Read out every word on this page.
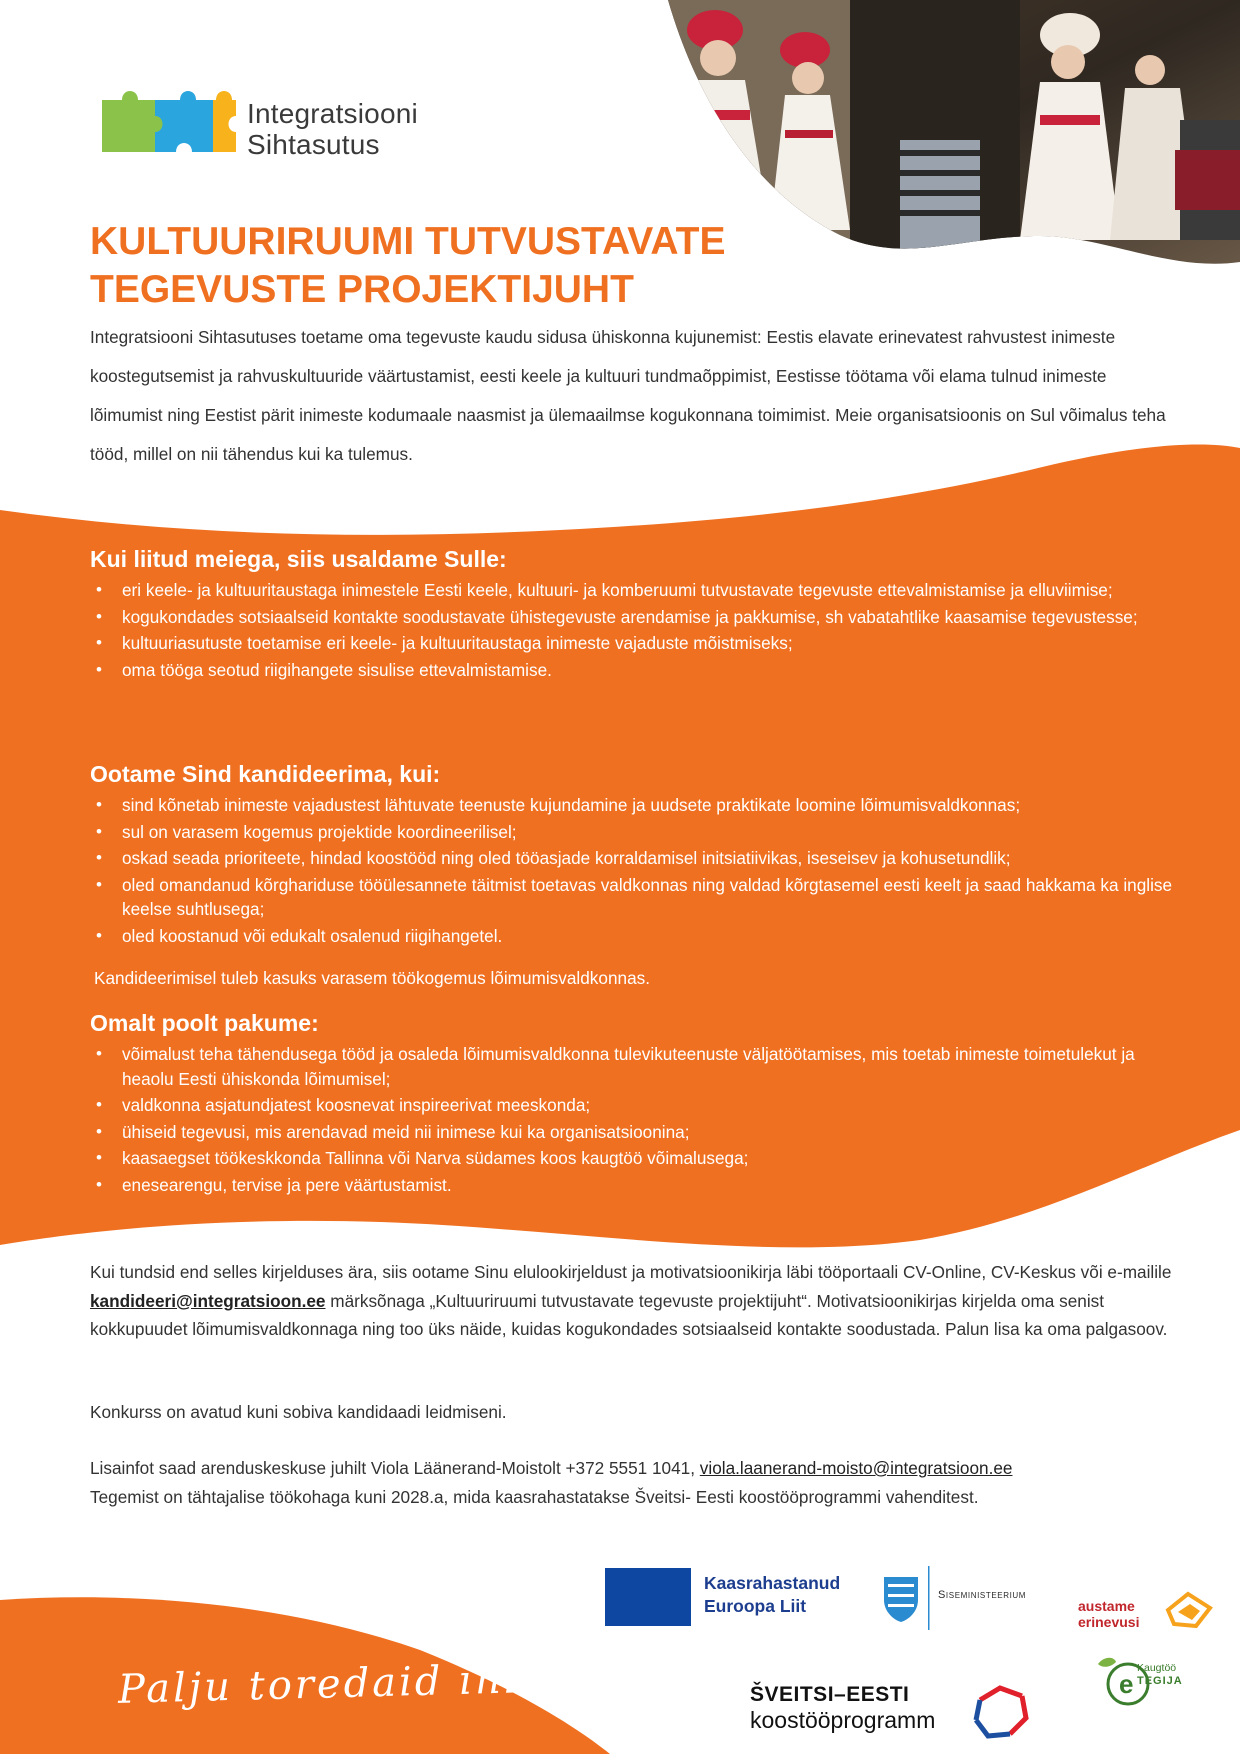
e
Integratsiooni
Sihtasutus
KULTUURIRUUMI TUTVUSTAVATE
TEGEVUSTE PROJEKTIJUHT

Integratsiooni Sihtasutuses toetame oma tegevuste kaudu sidusa ühiskonna kujunemist: Eestis elavate erinevatest rahvustest inimeste koostegutsemist ja rahvuskultuuride väärtustamist, eesti keele ja kultuuri tundmaõppimist, Eestisse töötama või elama tulnud inimeste lõimumist ning Eestist pärit inimeste kodumaale naasmist ja ülemaailmse kogukonnana toimimist. Meie organisatsioonis on Sul võimalus teha tööd, millel on nii tähendus kui ka tulemus.

Kui liitud meiega, siis usaldame Sulle:
• eri keele- ja kultuuritaustaga inimestele Eesti keele, kultuuri- ja komberuumi tutvustavate tegevuste ettevalmistamise ja elluviimise;
• kogukondades sotsiaalseid kontakte soodustavate ühistegevuste arendamise ja pakkumise, sh vabatahtlike kaasamise tegevustesse;
• kultuuriasutuste toetamise eri keele- ja kultuuritaustaga inimeste vajaduste mõistmiseks;
• oma tööga seotud riigihangete sisulise ettevalmistamise.
Ootame Sind kandideerima, kui:
• sind kõnetab inimeste vajadustest lähtuvate teenuste kujundamine ja uudsete praktikate loomine lõimumisvaldkonnas;
• sul on varasem kogemus projektide koordineerilisel;
• oskad seada prioriteete, hindad koostööd ning oled tööasjade korraldamisel initsiatiivikas, iseseisev ja kohusetundlik;
• oled omandanud kõrghariduse tööülesannete täitmist toetavas valdkonnas ning valdad kõrgtasemel eesti keelt ja saad hakkama ka inglise keelse suhtlusega;
• oled koostanud või edukalt osalenud riigihangetel.
Kandideerimisel tuleb kasuks varasem töökogemus lõimumisvaldkonnas.
Omalt poolt pakume:
• võimalust teha tähendusega tööd ja osaleda lõimumisvaldkonna tulevikuteenuste väljatöötamises, mis toetab inimeste toimetulekut ja heaolu Eesti ühiskonda lõimumisel;
• valdkonna asjatundjatest koosnevat inspireerivat meeskonda;
• ühiseid tegevusi, mis arendavad meid nii inimese kui ka organisatsioonina;
• kaasaegset töökeskkonda Tallinna või Narva südames koos kaugtöö võimalusega;
• enesearengu, tervise ja pere väärtustamist.

Kui tundsid end selles kirjelduses ära, siis ootame Sinu elulookirjeldust ja motivatsioonikirja läbi tööportaali CV-Online, CV-Keskus või e-mailile kandideeri@integratsioon.ee märksõnaga „Kultuuriruumi tutvustavate tegevuste projektijuht“. Motivatsioonikirjas kirjelda oma senist kokkupuudet lõimumisvaldkonnaga ning too üks näide, kuidas kogukondades sotsiaalseid kontakte soodustada. Palun lisa ka oma palgasoov.

Konkurss on avatud kuni sobiva kandidaadi leidmiseni.

Lisainfot saad arenduskeskuse juhilt Viola Läänerand-Moistolt +372 5551 1041, viola.laanerand-moisto@integratsioon.ee
Tegemist on tähtajalise töökohaga kuni 2028.a, mida kaasrahastatakse Šveitsi- Eesti koostööprogrammi vahenditest.

Kaasrahastanud
Euroopa Liit
Siseministeerium
austame
erinevusi
ŠVEITSI–EESTI
koostööprogramm
Kaugtöö
TEGIJA
Palju toredaid inimesi!
